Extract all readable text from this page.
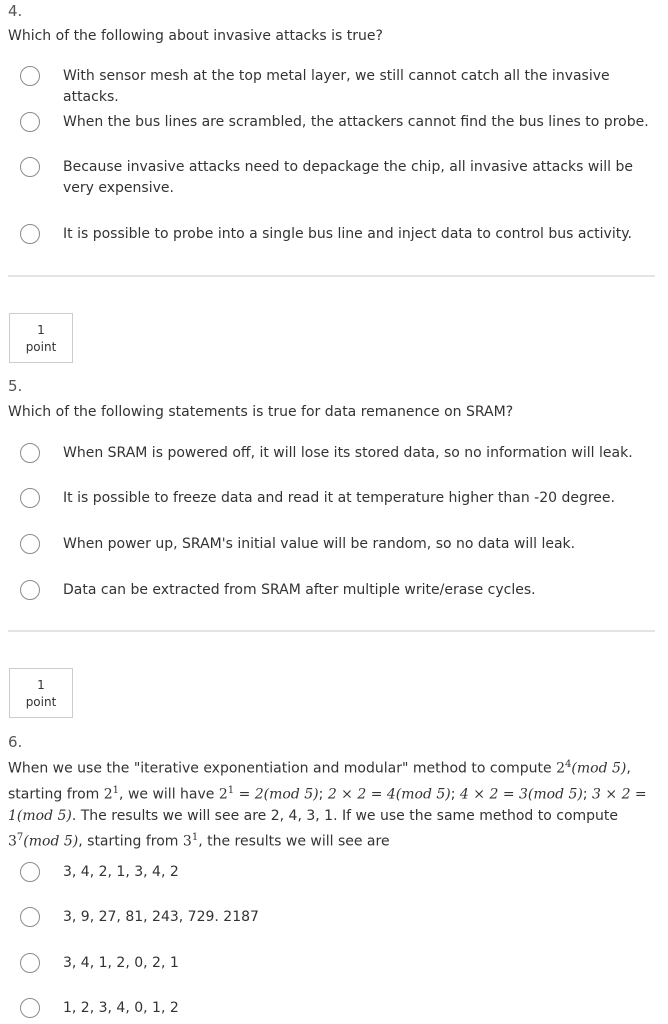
4.
Which of the following about invasive attacks is true?
With sensor mesh at the top metal layer, we still cannot catch all the invasive attacks.
When the bus lines are scrambled, the attackers cannot find the bus lines to probe.
Because invasive attacks need to depackage the chip, all invasive attacks will be very expensive.
It is possible to probe into a single bus line and inject data to control bus activity.
1
point
5.
Which of the following statements is true for data remanence on SRAM?
When SRAM is powered off, it will lose its stored data, so no information will leak.
It is possible to freeze data and read it at temperature higher than -20 degree.
When power up, SRAM's initial value will be random, so no data will leak.
Data can be extracted from SRAM after multiple write/erase cycles.
1
point
6.
When we use the "iterative exponentiation and modular" method to compute $2^4(mod$ 5), starting from $2^1$, we will have $2^1 = 2(mod$ 5); 2 × 2 = 4(mod 5); 4 × 2 = 3(mod 5); 3 × 2 = 1(mod 5). The results we will see are 2, 4, 3, 1. If we use the same method to compute $3^7(mod$ 5), starting from $3^1$, the results we will see are
3, 4, 2, 1, 3, 4, 2
3, 9, 27, 81, 243, 729. 2187
3, 4, 1, 2, 0, 2, 1
1, 2, 3, 4, 0, 1, 2
